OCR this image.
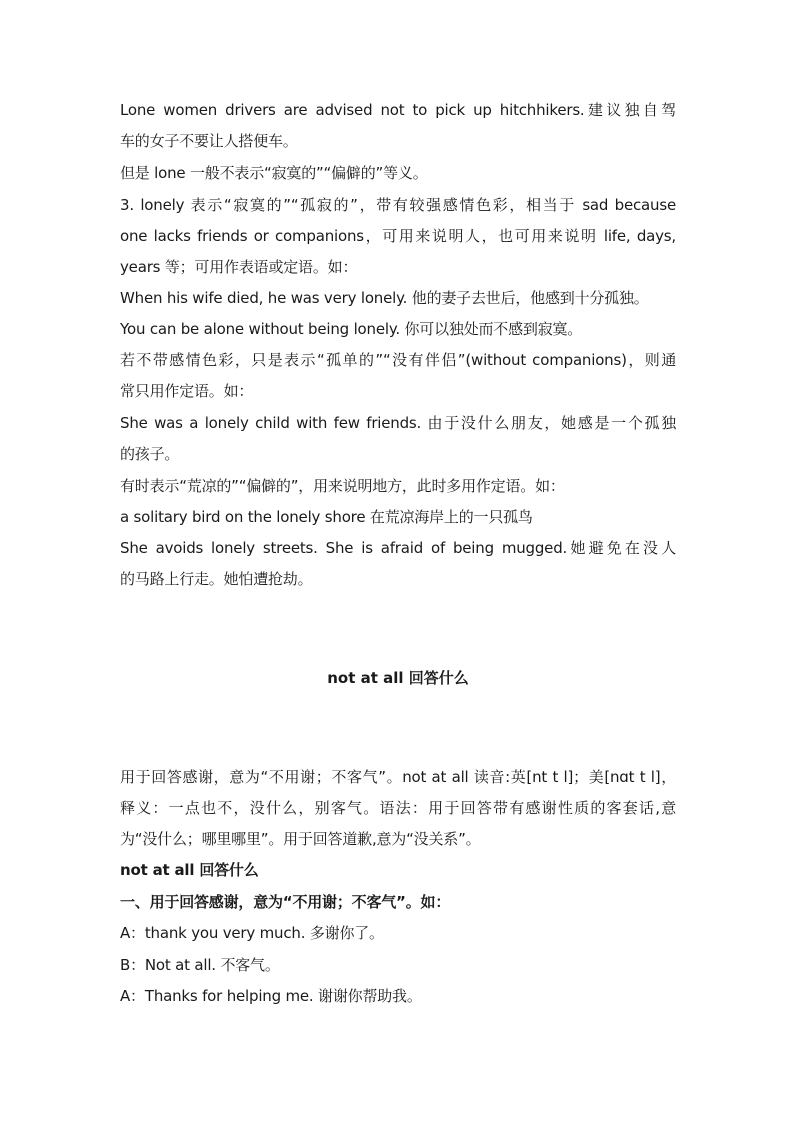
Lone women drivers are advised not to pick up hitchhikers.建议独自驾
车的女子不要让人搭便车。
但是 lone 一般不表示“寂寞的”“偏僻的”等义。
3. lonely 表示“寂寞的”“孤寂的”，带有较强感情色彩，相当于 sad because
one lacks friends or companions，可用来说明人，也可用来说明 life, days,
years 等；可用作表语或定语。如：
When his wife died, he was very lonely. 他的妻子去世后，他感到十分孤独。
You can be alone without being lonely. 你可以独处而不感到寂寞。
若不带感情色彩，只是表示“孤单的”“没有伴侣”(without companions)，则通
常只用作定语。如：
She was a lonely child with few friends. 由于没什么朋友，她感是一个孤独
的孩子。
有时表示“荒凉的”“偏僻的”，用来说明地方，此时多用作定语。如：
a solitary bird on the lonely shore 在荒凉海岸上的一只孤鸟
She avoids lonely streets. She is afraid of being mugged.她避免在没人
的马路上行走。她怕遭抢劫。
not at all 回答什么
用于回答感谢，意为“不用谢；不客气”。not at all 读音:英[nt t l]；美[nɑt t l]，
释义：一点也不，没什么，别客气。语法：用于回答带有感谢性质的客套话,意
为“没什么；哪里哪里”。用于回答道歉,意为“没关系”。
not at all 回答什么
一、用于回答感谢，意为“不用谢；不客气”。如：
A：thank you very much. 多谢你了。
B：Not at all. 不客气。
A：Thanks for helping me. 谢谢你帮助我。
